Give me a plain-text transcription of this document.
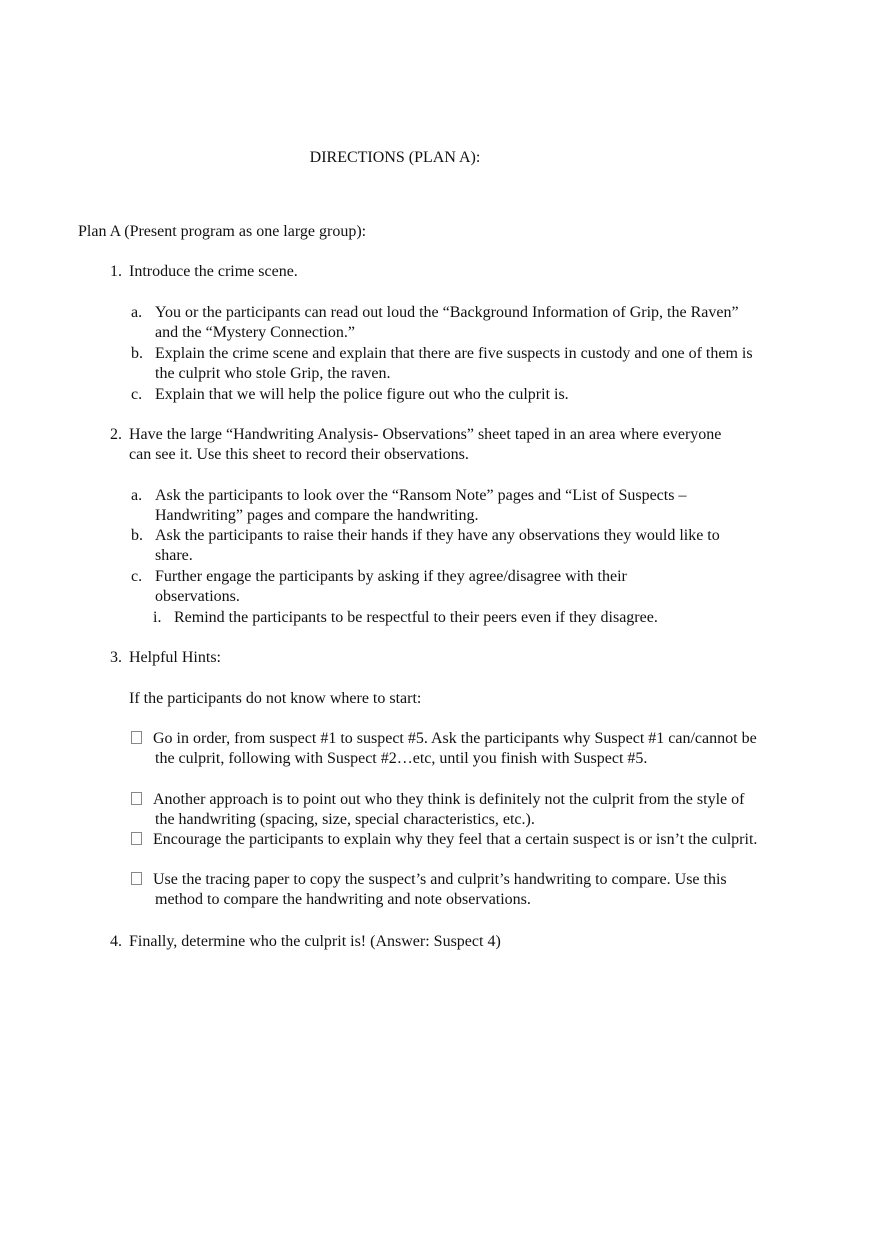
DIRECTIONS (PLAN A):
Plan A (Present program as one large group):
1. Introduce the crime scene.
a. You or the participants can read out loud the “Background Information of Grip, the Raven” and the “Mystery Connection.”
b. Explain the crime scene and explain that there are five suspects in custody and one of them is the culprit who stole Grip, the raven.
c. Explain that we will help the police figure out who the culprit is.
2. Have the large “Handwriting Analysis- Observations” sheet taped in an area where everyone can see it. Use this sheet to record their observations.
a. Ask the participants to look over the “Ransom Note” pages and “List of Suspects – Handwriting” pages and compare the handwriting.
b. Ask the participants to raise their hands if they have any observations they would like to share.
c. Further engage the participants by asking if they agree/disagree with their observations.
i. Remind the participants to be respectful to their peers even if they disagree.
3. Helpful Hints:
If the participants do not know where to start:
Go in order, from suspect #1 to suspect #5. Ask the participants why Suspect #1 can/cannot be the culprit, following with Suspect #2…etc, until you finish with Suspect #5.
Another approach is to point out who they think is definitely not the culprit from the style of the handwriting (spacing, size, special characteristics, etc.).
Encourage the participants to explain why they feel that a certain suspect is or isn’t the culprit.
Use the tracing paper to copy the suspect’s and culprit’s handwriting to compare. Use this method to compare the handwriting and note observations.
4. Finally, determine who the culprit is! (Answer: Suspect 4)
